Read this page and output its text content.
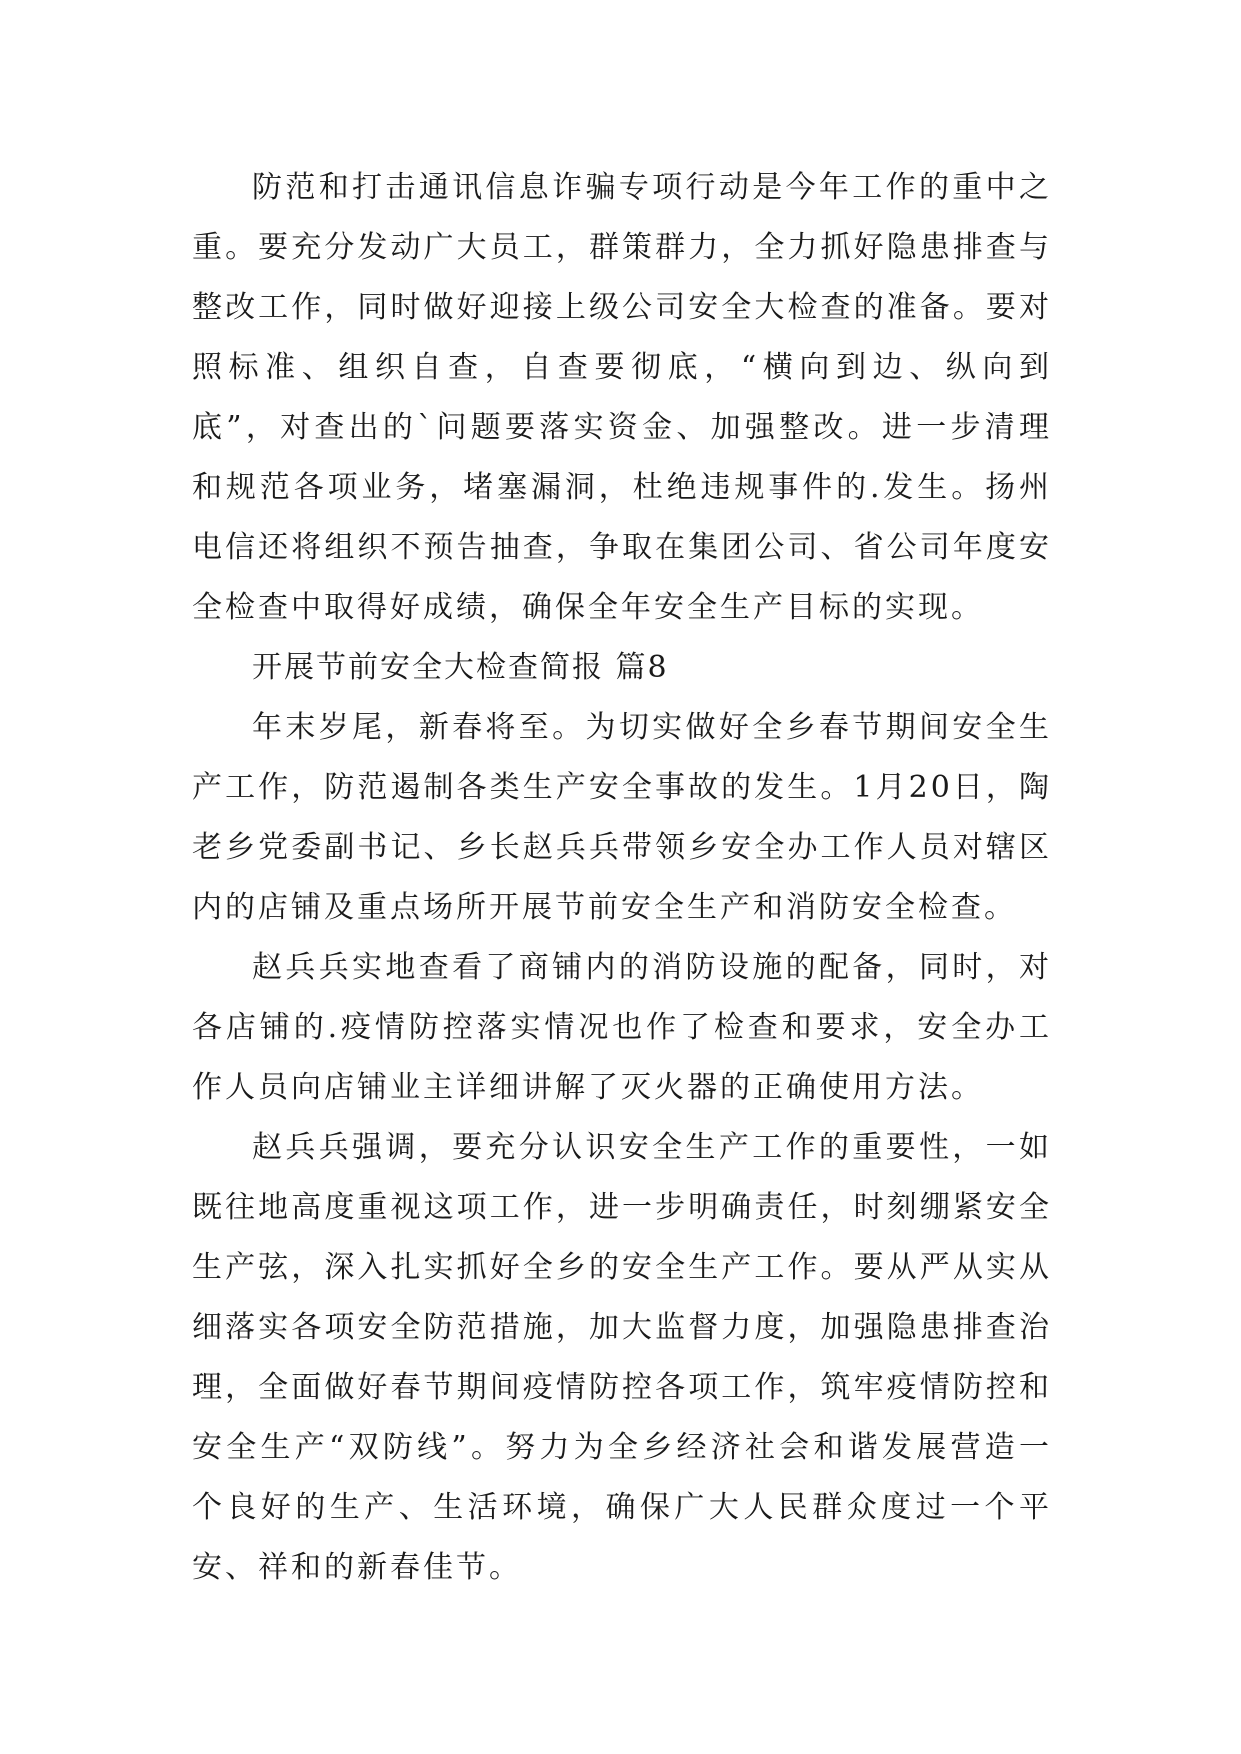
防范和打击通讯信息诈骗专项行动是今年工作的重中之重。要充分发动广大员工，群策群力，全力抓好隐患排查与整改工作，同时做好迎接上级公司安全大检查的准备。要对照标准、组织自查，自查要彻底，“横向到边、纵向到底”，对查出的`问题要落实资金、加强整改。进一步清理和规范各项业务，堵塞漏洞，杜绝违规事件的.发生。扬州电信还将组织不预告抽查，争取在集团公司、省公司年度安全检查中取得好成绩，确保全年安全生产目标的实现。

开展节前安全大检查简报 篇8

年末岁尾，新春将至。为切实做好全乡春节期间安全生产工作，防范遏制各类生产安全事故的发生。1月20日，陶老乡党委副书记、乡长赵兵兵带领乡安全办工作人员对辖区内的店铺及重点场所开展节前安全生产和消防安全检查。

赵兵兵实地查看了商铺内的消防设施的配备，同时，对各店铺的.疫情防控落实情况也作了检查和要求，安全办工作人员向店铺业主详细讲解了灭火器的正确使用方法。

赵兵兵强调，要充分认识安全生产工作的重要性，一如既往地高度重视这项工作，进一步明确责任，时刻绷紧安全生产弦，深入扎实抓好全乡的安全生产工作。要从严从实从细落实各项安全防范措施，加大监督力度，加强隐患排查治理，全面做好春节期间疫情防控各项工作，筑牢疫情防控和安全生产“双防线”。努力为全乡经济社会和谐发展营造一个良好的生产、生活环境，确保广大人民群众度过一个平安、祥和的新春佳节。
